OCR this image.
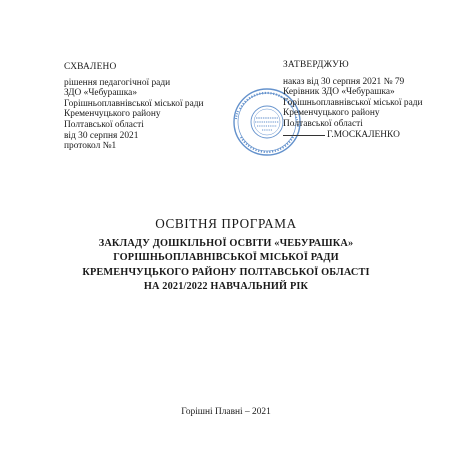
СХВАЛЕНО
рішення педагогічної ради
ЗДО «Чебурашка»
Горішньоплавнівської міської ради
Кременчуцького району
Полтавської області
від 30 серпня 2021
протокол №1
ЗАТВЕРДЖУЮ
наказ від 30 серпня 2021 № 79
Керівник ЗДО «Чебурашка»
Горішньоплавнівської міської ради
Кременчуцького району
Полтавської області
Г.МОСКАЛЕНКО
ОСВІТНЯ ПРОГРАМА
ЗАКЛАДУ ДОШКІЛЬНОЇ ОСВІТИ «ЧЕБУРАШКА»
ГОРІШНЬОПЛАВНІВСЬКОЇ МІСЬКОЇ РАДИ
КРЕМЕНЧУЦЬКОГО РАЙОНУ ПОЛТАВСЬКОЇ ОБЛАСТІ
НА 2021/2022 НАВЧАЛЬНИЙ РІК
Горішні Плавні – 2021
